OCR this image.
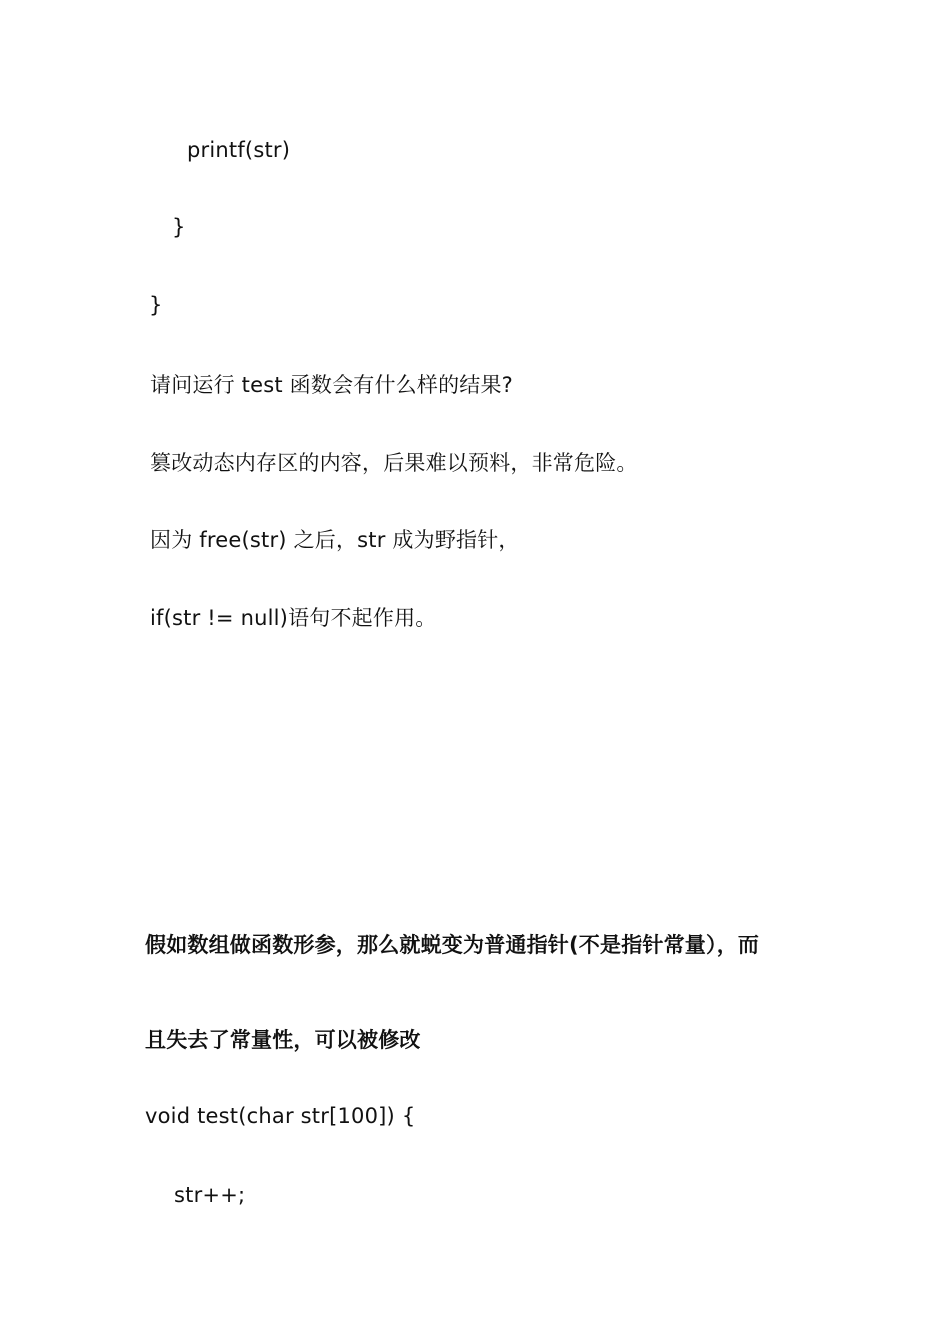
printf(str)
}
}
请问运行 test 函数会有什么样的结果?
篡改动态内存区的内容，后果难以预料，非常危险。
因为 free(str) 之后，str 成为野指针，
if(str != null)语句不起作用。
假如数组做函数形参，那么就蜕变为普通指针(不是指针常量），而
且失去了常量性，可以被修改
void test(char str[100]) {
str++;
